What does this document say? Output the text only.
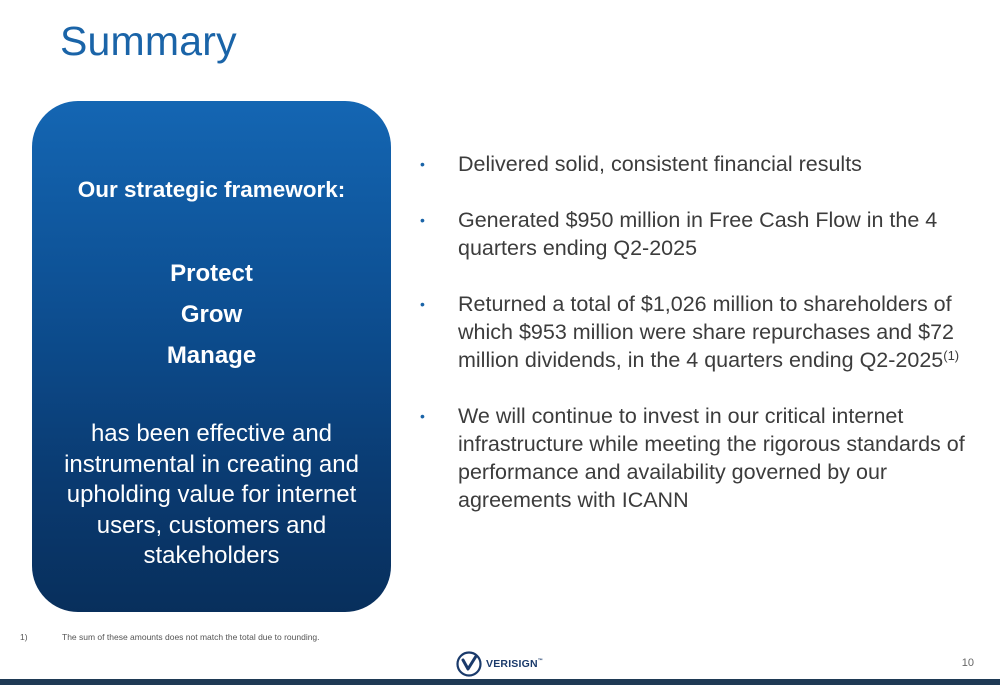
Summary
Our strategic framework:
Protect
Grow
Manage
has been effective and instrumental in creating and upholding value for internet users, customers and stakeholders
• Delivered solid, consistent financial results
• Generated $950 million in Free Cash Flow in the 4 quarters ending Q2-2025
• Returned a total of $1,026 million to shareholders of which $953 million were share repurchases and $72 million dividends, in the 4 quarters ending Q2-2025$^{(1)}$
• We will continue to invest in our critical internet infrastructure while meeting the rigorous standards of performance and availability governed by our agreements with ICANN
1)	The sum of these amounts does not match the total due to rounding.
VERISIGN™	10
